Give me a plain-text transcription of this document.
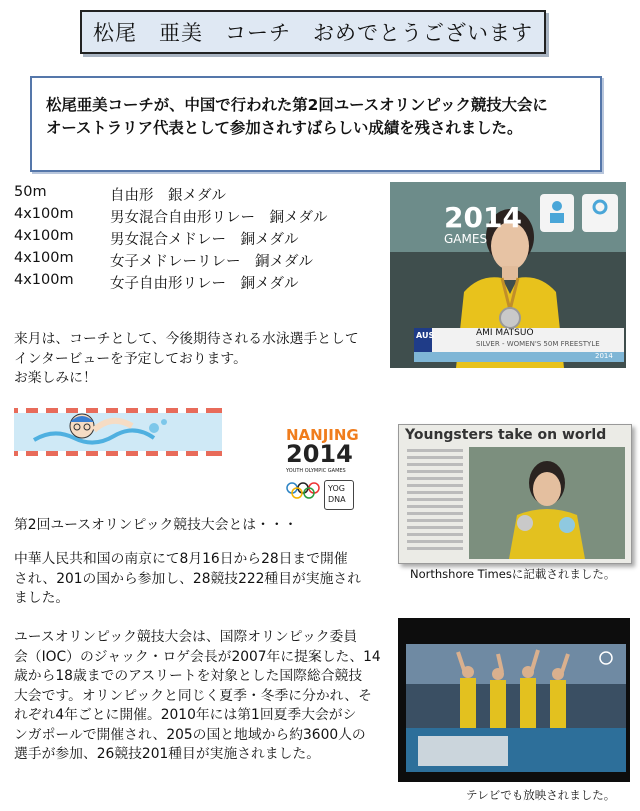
松尾　亜美　コーチ　おめでとうございます
松尾亜美コーチが、中国で行われた第2回ユースオリンピック競技大会に
オーストラリア代表として参加されすばらしい成績を残されました。

50m

	自由形　銀メダル

4x100m

	男女混合自由形リレー　銅メダル

4x100m

	男女混合メドレー　銅メダル

4x100m

	女子メドレーリレー　銅メダル

4x100m

	女子自由形リレー　銅メダル

来月は、コーチとして、今後期待される水泳選手として
インタービューを予定しております。
お楽しみに！
2014
GAMES
AUS	AMI MATSUO
SILVER - WOMEN'S 50M FREESTYLE
2014
NANJING
2014
YOUTH OLYMPIC GAMES
YOG
DNA
Youngsters take on world
Northshore Timesに記載されました。
第2回ユースオリンピック競技大会とは・・・
中華人民共和国の南京にて8月16日から28日まで開催
され、201の国から参加し、28競技222種目が実施され
ました。
ユースオリンピック競技大会は、国際オリンピック委員
会（IOC）のジャック・ロゲ会長が2007年に提案した、14
歳から18歳までのアスリートを対象とした国際総合競技
大会です。オリンピックと同じく夏季・冬季に分かれ、そ
れぞれ4年ごとに開催。2010年には第1回夏季大会がシ
ンガポールで開催され、205の国と地域から約3600人の
選手が参加、26競技201種目が実施されました。
テレビでも放映されました。
